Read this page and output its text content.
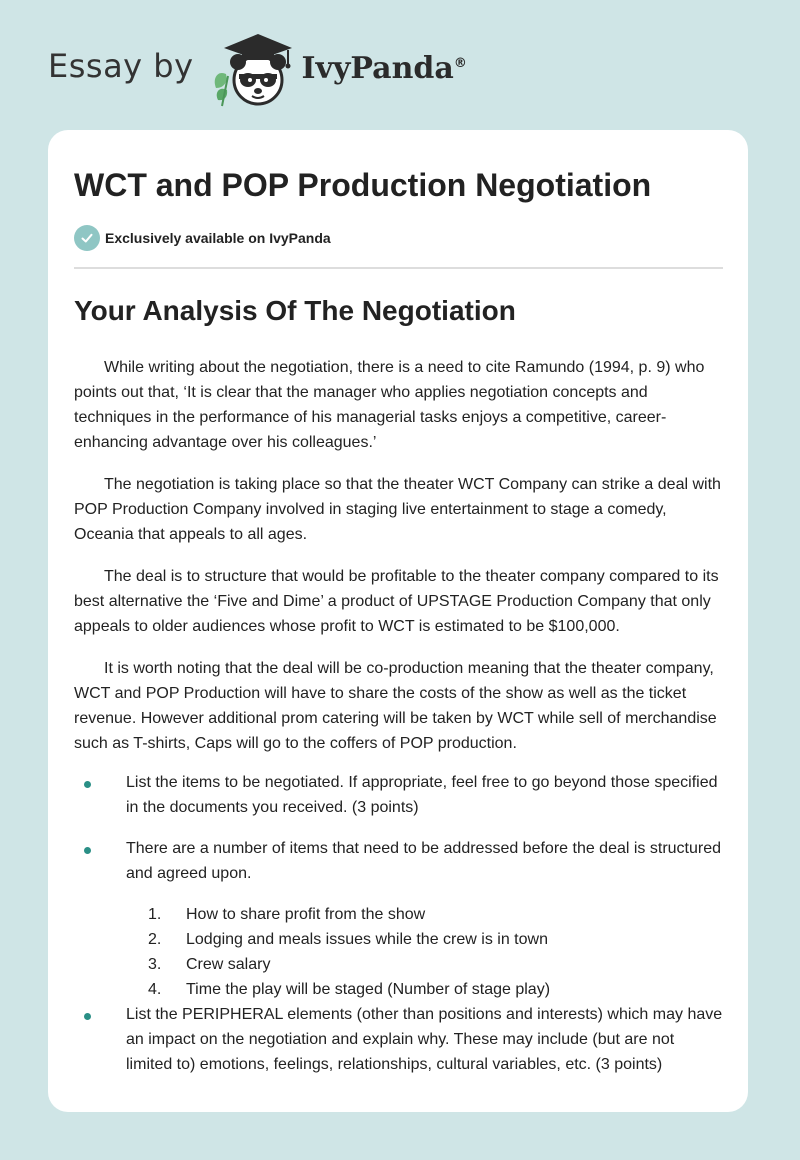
Essay by	IvyPanda®
WCT and POP Production Negotiation
Exclusively available on IvyPanda
Your Analysis Of The Negotiation

While writing about the negotiation, there is a need to cite Ramundo (1994, p. 9) who points out that, ‘It is clear that the manager who applies negotiation concepts and techniques in the performance of his managerial tasks enjoys a competitive, career-enhancing advantage over his colleagues.’

The negotiation is taking place so that the theater WCT Company can strike a deal with POP Production Company involved in staging live entertainment to stage a comedy, Oceania that appeals to all ages.

The deal is to structure that would be profitable to the theater company compared to its best alternative the ‘Five and Dime’ a product of UPSTAGE Production Company that only appeals to older audiences whose profit to WCT is estimated to be $100,000.

It is worth noting that the deal will be co-production meaning that the theater company, WCT and POP Production will have to share the costs of the show as well as the ticket revenue. However additional prom catering will be taken by WCT while sell of merchandise such as T-shirts, Caps will go to the coffers of POP production.

List the items to be negotiated. If appropriate, feel free to go beyond those specified in the documents you received. (3 points)
There are a number of items that need to be addressed before the deal is structured and agreed upon.
1. How to share profit from the show
2. Lodging and meals issues while the crew is in town
3. Crew salary
4. Time the play will be staged (Number of stage play)
List the PERIPHERAL elements (other than positions and interests) which may have an impact on the negotiation and explain why. These may include (but are not limited to) emotions, feelings, relationships, cultural variables, etc. (3 points)
